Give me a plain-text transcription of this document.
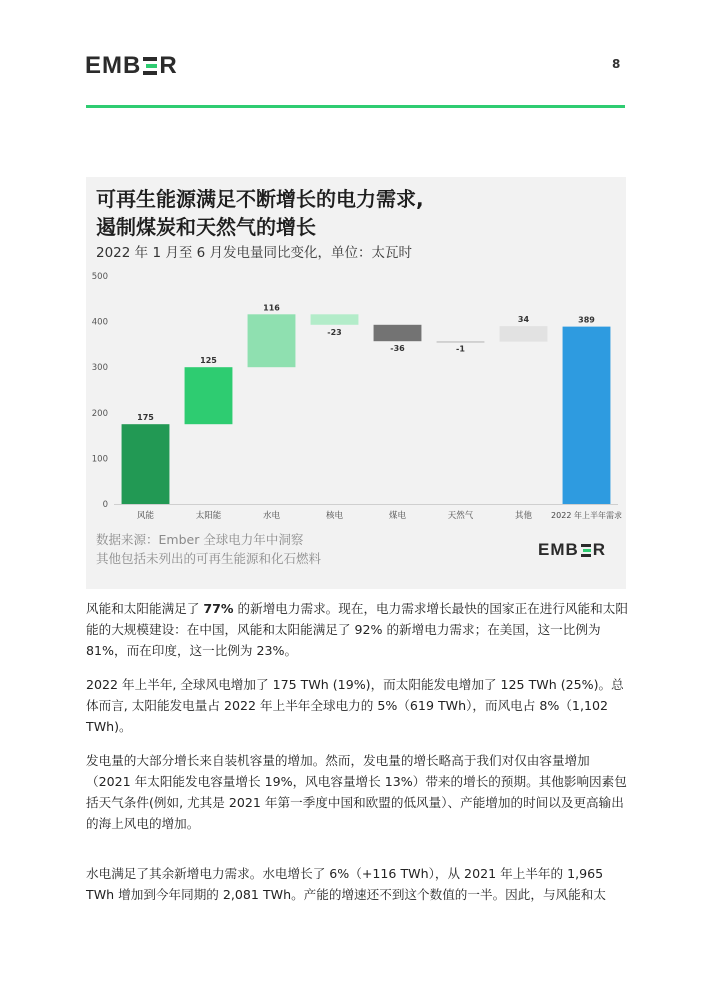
EMB R	8
可再生能源满足不断增长的电力需求,
遏制煤炭和天然气的增长
2022 年 1 月至 6 月发电量同比变化，单位：太瓦时
0
100
200
300
400
500
175
风能
125
太阳能
116
水电
-23
核电
-36
煤电
-1
天然气
34
其他
389
2022 年上半年需求
数据来源：Ember 全球电力年中洞察
其他包括未列出的可再生能源和化石燃料	EMB R
风能和太阳能满足了 77% 的新增电力需求。现在，电力需求增长最快的国家正在进行风能和太阳能的大规模建设：在中国，风能和太阳能满足了 92% 的新增电力需求；在美国，这一比例为 81%，而在印度，这一比例为 23%。
2022 年上半年, 全球风电增加了 175 TWh (19%)，而太阳能发电增加了 125 TWh (25%)。总体而言, 太阳能发电量占 2022 年上半年全球电力的 5%（619 TWh），而风电占 8%（1,102 TWh)。
发电量的大部分增长来自装机容量的增加。然而，发电量的增长略高于我们对仅由容量增加（2021 年太阳能发电容量增长 19%，风电容量增长 13%）带来的增长的预期。其他影响因素包括天气条件(例如, 尤其是 2021 年第一季度中国和欧盟的低风量）、产能增加的时间以及更高输出的海上风电的增加。
水电满足了其余新增电力需求。水电增长了 6%（+116 TWh），从 2021 年上半年的 1,965 TWh 增加到今年同期的 2,081 TWh。产能的增速还不到这个数值的一半。因此，与风能和太
